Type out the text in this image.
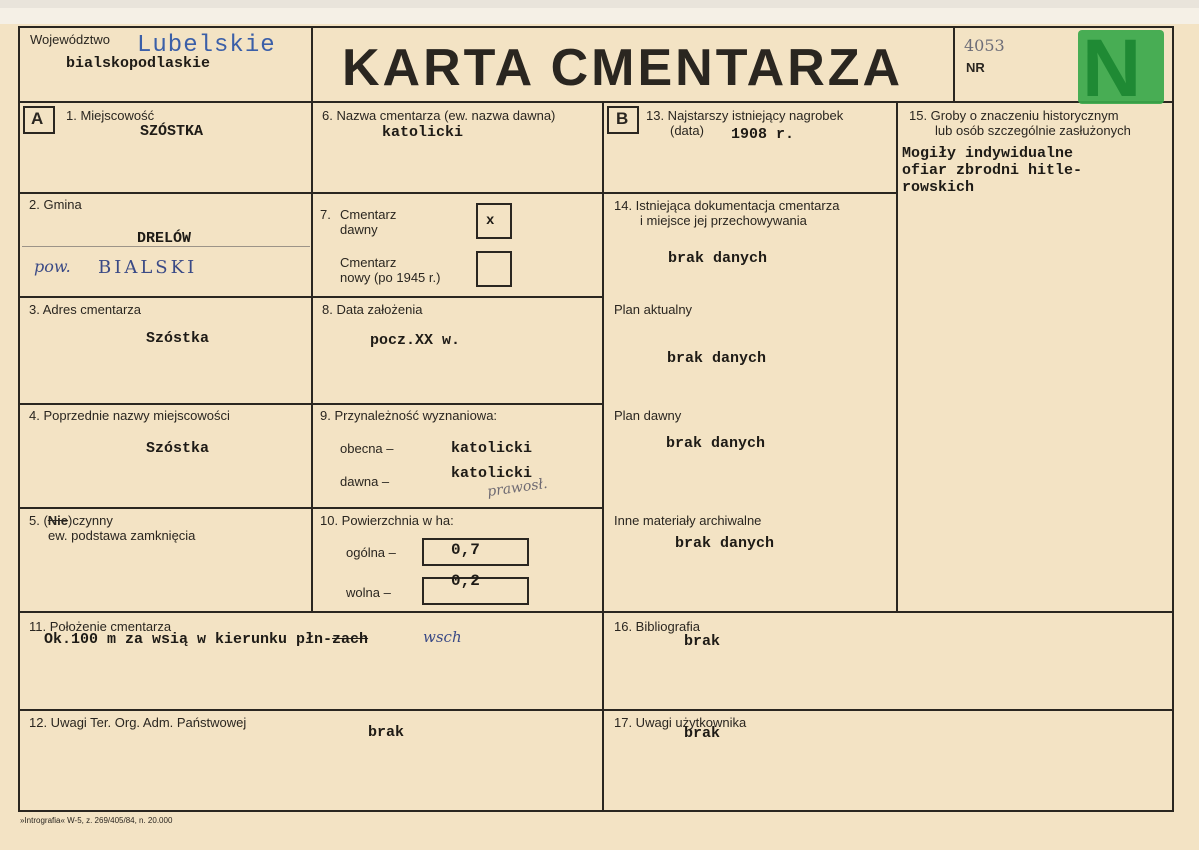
Województwo Lubelskie
bialskopodlaskie	KARTA CMENTARZA	4053
NR N
A 1. Miejscowość
SZÓSTKA
2. Gmina
DRELÓW
pow. BIALSKI
3. Adres cmentarza
Szóstka
4. Poprzednie nazwy miejscowości
Szóstka
5. (Nie)czynny
ew. podstawa zamknięcia
6. Nazwa cmentarza (ew. nazwa dawna)
katolicki
7. Cmentarz
dawny
x
Cmentarz
nowy (po 1945 r.)
8. Data założenia
pocz.XX w.
9. Przynależność wyznaniowa:
obecna –	katolicki
dawna –	katolicki
prawosł.
10. Powierzchnia w ha:
ogólna –	0,7
wolna –
0,2
B 13. Najstarszy istniejący nagrobek
(data) 1908 r.
14. Istniejąca dokumentacja cmentarza
i miejsce jej przechowywania
brak danych
Plan aktualny
brak danych
Plan dawny
brak danych
Inne materiały archiwalne
brak danych
15. Groby o znaczeniu historycznym
lub osób szczególnie zasłużonych
Mogiły indywidualne
ofiar zbrodni hitle-
rowskich
11. Położenie cmentarza
Ok.100 m za wsią w kierunku płn-zach	wsch
16. Bibliografia
brak
12. Uwagi Ter. Org. Adm. Państwowej
brak
17. Uwagi użytkownika
brak
»Intrografia« W-5, z. 269/405/84, n. 20.000
